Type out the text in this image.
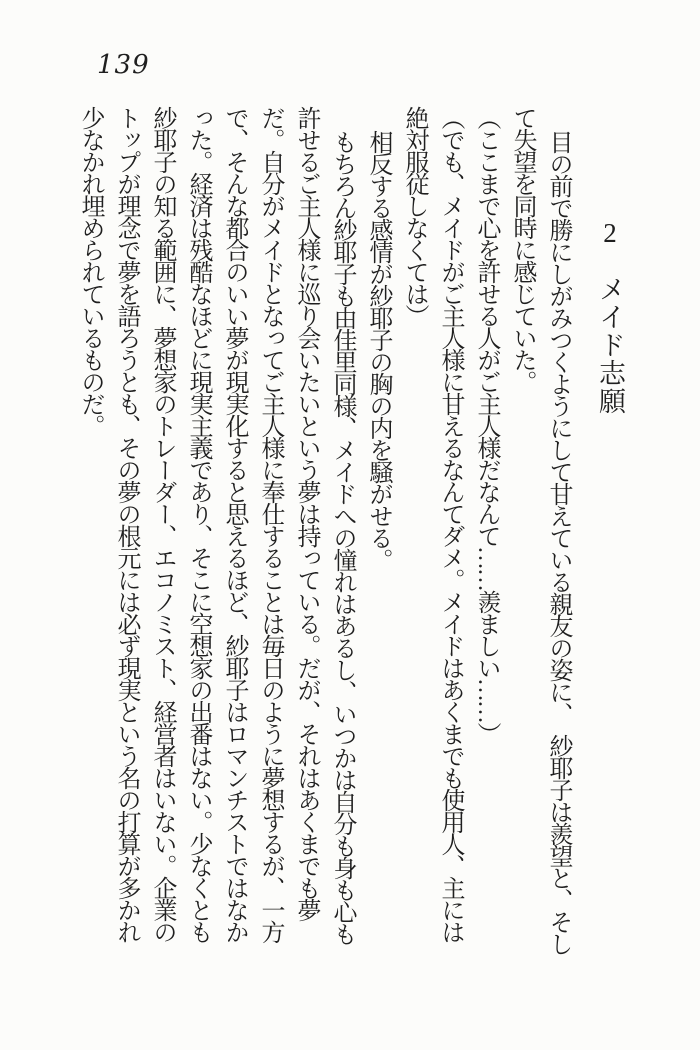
139
2メイド志願

目の前で勝にしがみつくようにして甘えている親友の姿に、　紗耶子は羨望と、そして失望を同時に感じていた。

（ここまで心を許せる人がご主人様だなんて……羨ましい……）

（でも、メイドがご主人様に甘えるなんてダメ。メイドはあくまでも使用人、主には絶対服従しなくては）

相反する感情が紗耶子の胸の内を騒がせる。

もちろん紗耶子も由佳里同様、メイドへの憧れはあるし、いつかは自分も身も心も許せるご主人様に巡り会いたいという夢は持っている。だが、それはあくまでも夢だ。自分がメイドとなってご主人様に奉仕することは毎日のように夢想するが、一方で、そんな都合のいい夢が現実化すると思えるほど、紗耶子はロマンチストではなかった。経済は残酷なほどに現実主義であり、そこに空想家の出番はない。少なくとも紗耶子の知る範囲に、夢想家のトレーダー、エコノミスト、経営者はいない。企業のトップが理念で夢を語ろうとも、その夢の根元には必ず現実という名の打算が多かれ少なかれ埋められているものだ。
